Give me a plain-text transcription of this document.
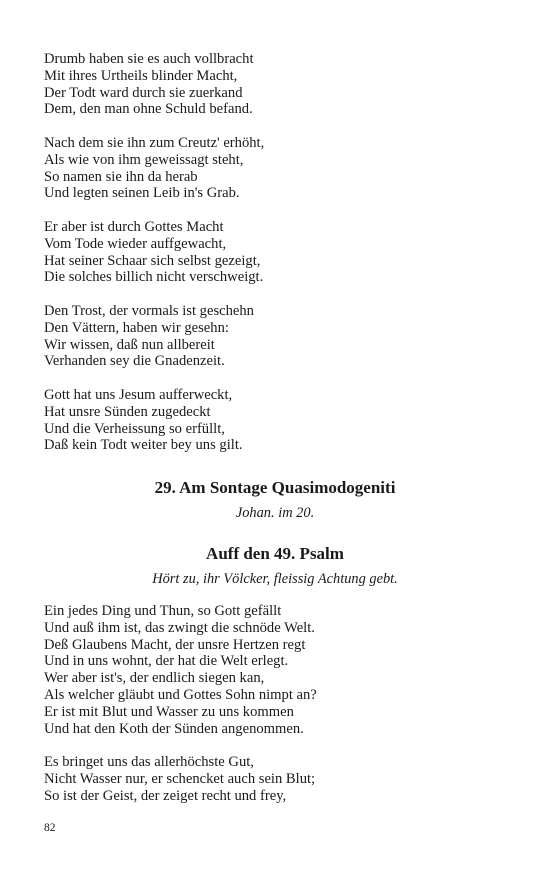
Drumb haben sie es auch vollbracht
Mit ihres Urtheils blinder Macht,
Der Todt ward durch sie zuerkand
Dem, den man ohne Schuld befand.
Nach dem sie ihn zum Creutz' erhöht,
Als wie von ihm geweissagt steht,
So namen sie ihn da herab
Und legten seinen Leib in's Grab.
Er aber ist durch Gottes Macht
Vom Tode wieder auffgewacht,
Hat seiner Schaar sich selbst gezeigt,
Die solches billich nicht verschweigt.
Den Trost, der vormals ist geschehn
Den Vättern, haben wir gesehn:
Wir wissen, daß nun allbereit
Verhanden sey die Gnadenzeit.
Gott hat uns Jesum aufferweckt,
Hat unsre Sünden zugedeckt
Und die Verheissung so erfüllt,
Daß kein Todt weiter bey uns gilt.
29. Am Sontage Quasimodogeniti
Johan. im 20.
Auff den 49. Psalm
Hört zu, ihr Völcker, fleissig Achtung gebt.
Ein jedes Ding und Thun, so Gott gefällt
Und auß ihm ist, das zwingt die schnöde Welt.
Deß Glaubens Macht, der unsre Hertzen regt
Und in uns wohnt, der hat die Welt erlegt.
Wer aber ist's, der endlich siegen kan,
Als welcher gläubt und Gottes Sohn nimpt an?
Er ist mit Blut und Wasser zu uns kommen
Und hat den Koth der Sünden angenommen.
Es bringet uns das allerhöchste Gut,
Nicht Wasser nur, er schencket auch sein Blut;
So ist der Geist, der zeiget recht und frey,
82
